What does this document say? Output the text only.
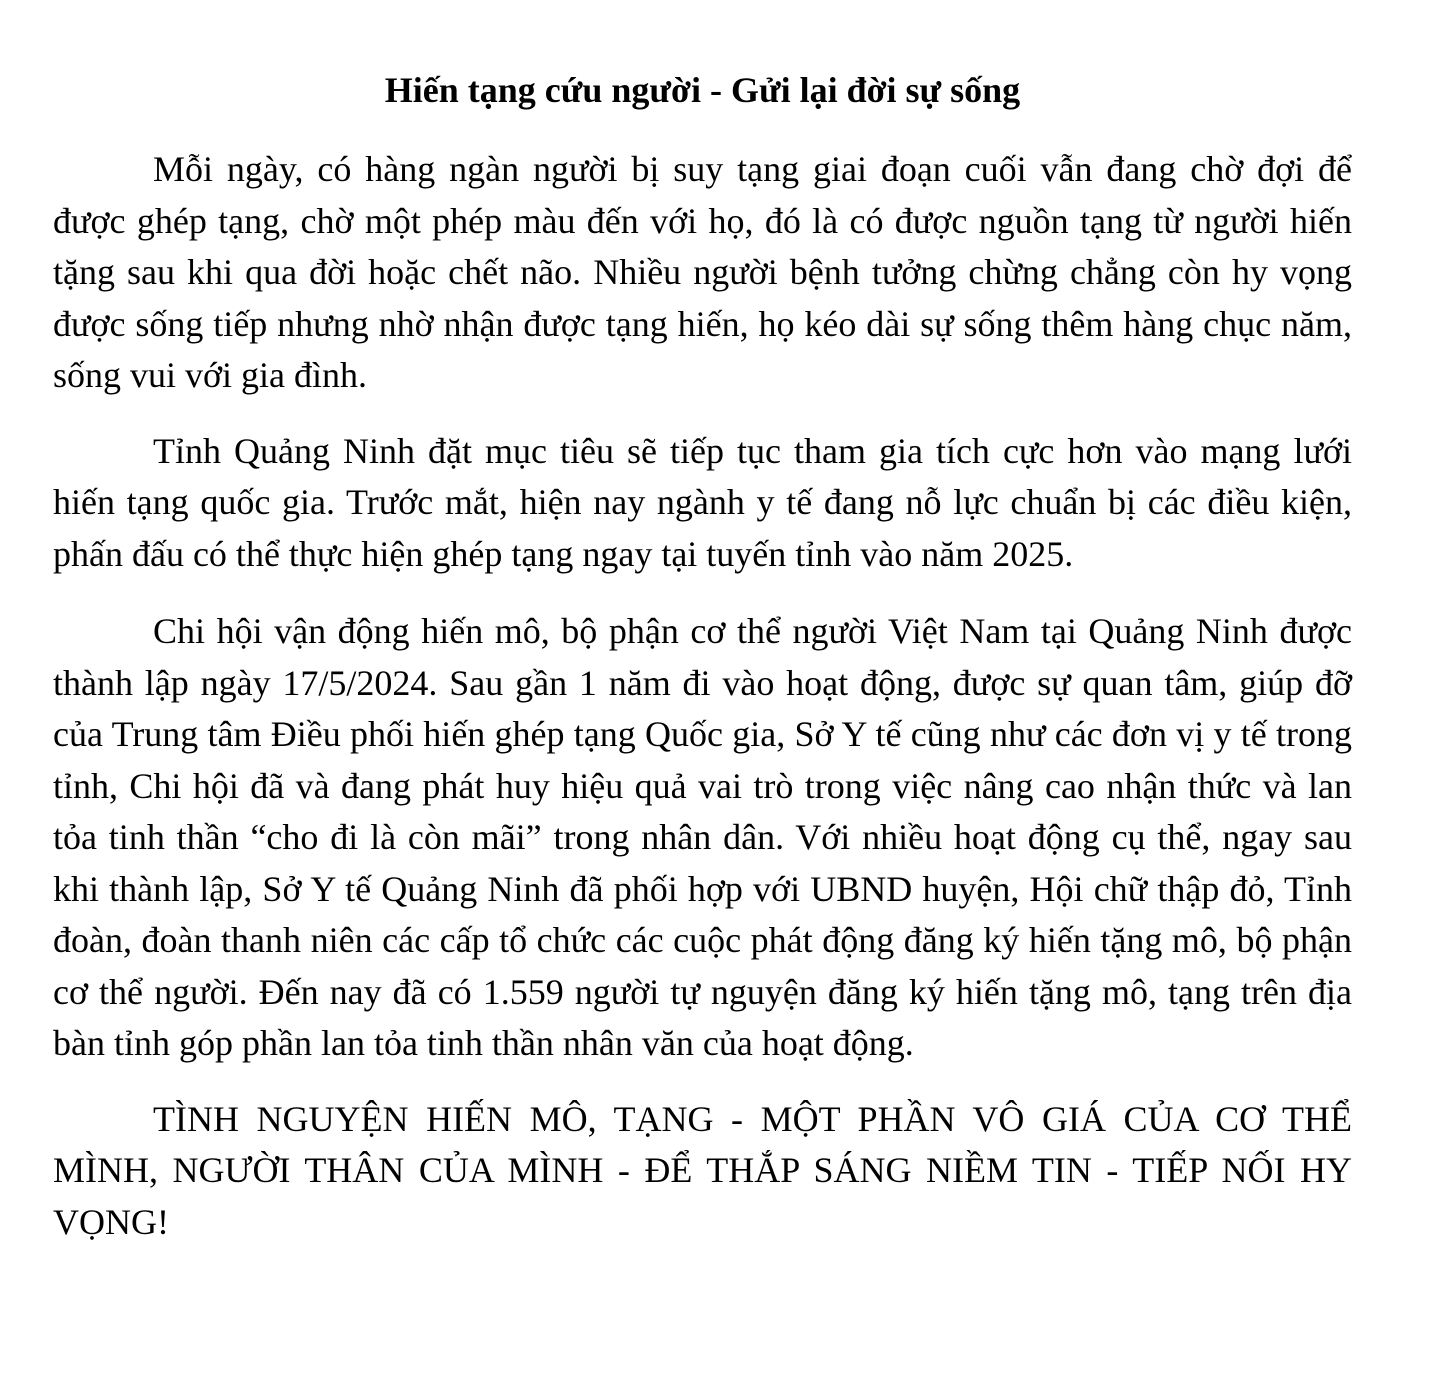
Hiến tạng cứu người - Gửi lại đời sự sống

Mỗi ngày, có hàng ngàn người bị suy tạng giai đoạn cuối vẫn đang chờ đợi để được ghép tạng, chờ một phép màu đến với họ, đó là có được nguồn tạng từ người hiến tặng sau khi qua đời hoặc chết não. Nhiều người bệnh tưởng chừng chẳng còn hy vọng được sống tiếp nhưng nhờ nhận được tạng hiến, họ kéo dài sự sống thêm hàng chục năm, sống vui với gia đình.

Tỉnh Quảng Ninh đặt mục tiêu sẽ tiếp tục tham gia tích cực hơn vào mạng lưới hiến tạng quốc gia. Trước mắt, hiện nay ngành y tế đang nỗ lực chuẩn bị các điều kiện, phấn đấu có thể thực hiện ghép tạng ngay tại tuyến tỉnh vào năm 2025.

Chi hội vận động hiến mô, bộ phận cơ thể người Việt Nam tại Quảng Ninh được thành lập ngày 17/5/2024. Sau gần 1 năm đi vào hoạt động, được sự quan tâm, giúp đỡ của Trung tâm Điều phối hiến ghép tạng Quốc gia, Sở Y tế cũng như các đơn vị y tế trong tỉnh, Chi hội đã và đang phát huy hiệu quả vai trò trong việc nâng cao nhận thức và lan tỏa tinh thần “cho đi là còn mãi” trong nhân dân. Với nhiều hoạt động cụ thể, ngay sau khi thành lập, Sở Y tế Quảng Ninh đã phối hợp với UBND huyện, Hội chữ thập đỏ, Tỉnh đoàn, đoàn thanh niên các cấp tổ chức các cuộc phát động đăng ký hiến tặng mô, bộ phận cơ thể người. Đến nay đã có 1.559 người tự nguyện đăng ký hiến tặng mô, tạng trên địa bàn tỉnh góp phần lan tỏa tinh thần nhân văn của hoạt động.

TÌNH NGUYỆN HIẾN MÔ, TẠNG - MỘT PHẦN VÔ GIÁ CỦA CƠ THỂ MÌNH, NGƯỜI THÂN CỦA MÌNH - ĐỂ THẮP SÁNG NIỀM TIN - TIẾP NỐI HY VỌNG!
